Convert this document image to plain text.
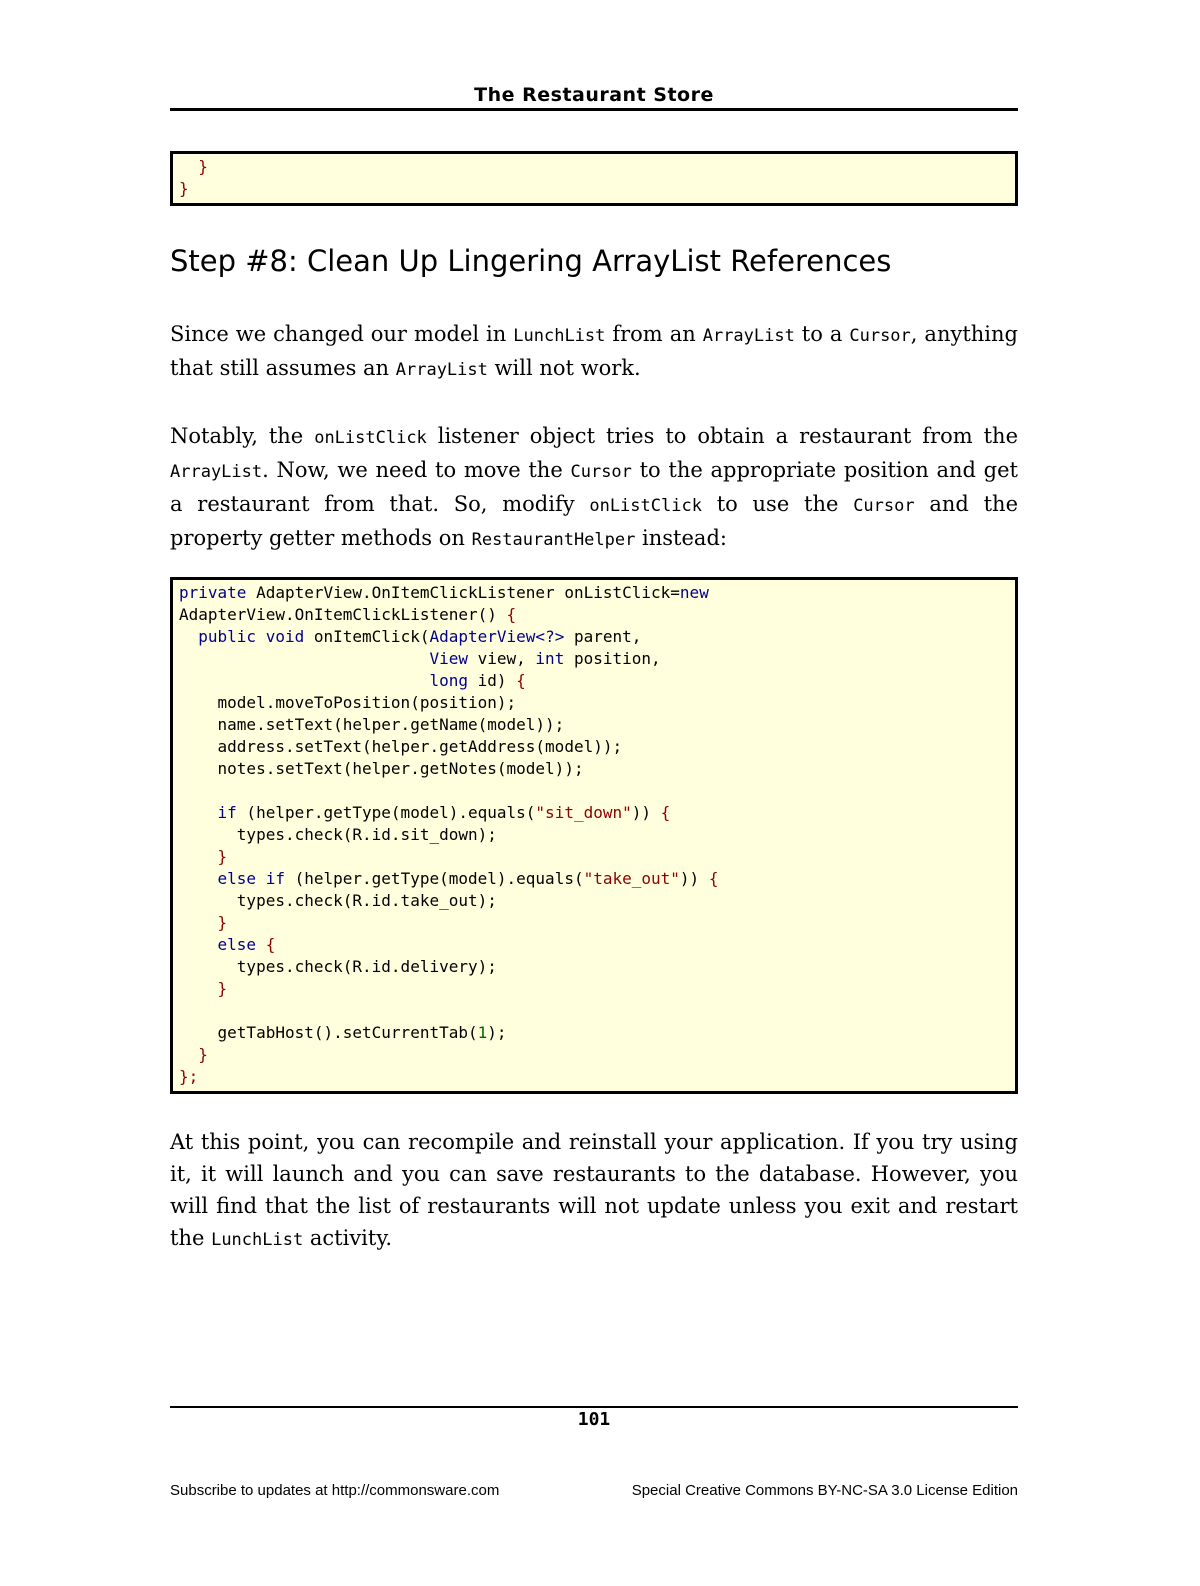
The Restaurant Store
}
}
Step #8: Clean Up Lingering ArrayList References

Since we changed our model in LunchList from an ArrayList to a Cursor, anything that still assumes an ArrayList will not work.

Notably, the onListClick listener object tries to obtain a restaurant from the ArrayList. Now, we need to move the Cursor to the appropriate position and get a restaurant from that. So, modify onListClick to use the Cursor and the property getter methods on RestaurantHelper instead:

private AdapterView.OnItemClickListener onListClick=new
AdapterView.OnItemClickListener() {
public void onItemClick(AdapterView<?> parent,
View view, int position,
long id) {
model.moveToPosition(position);
name.setText(helper.getName(model));
address.setText(helper.getAddress(model));
notes.setText(helper.getNotes(model));
if (helper.getType(model).equals("sit_down")) {
types.check(R.id.sit_down);
}
else if (helper.getType(model).equals("take_out")) {
types.check(R.id.take_out);
}
else {
types.check(R.id.delivery);
}
getTabHost().setCurrentTab(1);
}
};

At this point, you can recompile and reinstall your application. If you try using it, it will launch and you can save restaurants to the database. However, you will find that the list of restaurants will not update unless you exit and restart the LunchList activity.

101
Subscribe to updates at http://commonsware.com	Special Creative Commons BY-NC-SA 3.0 License Edition
